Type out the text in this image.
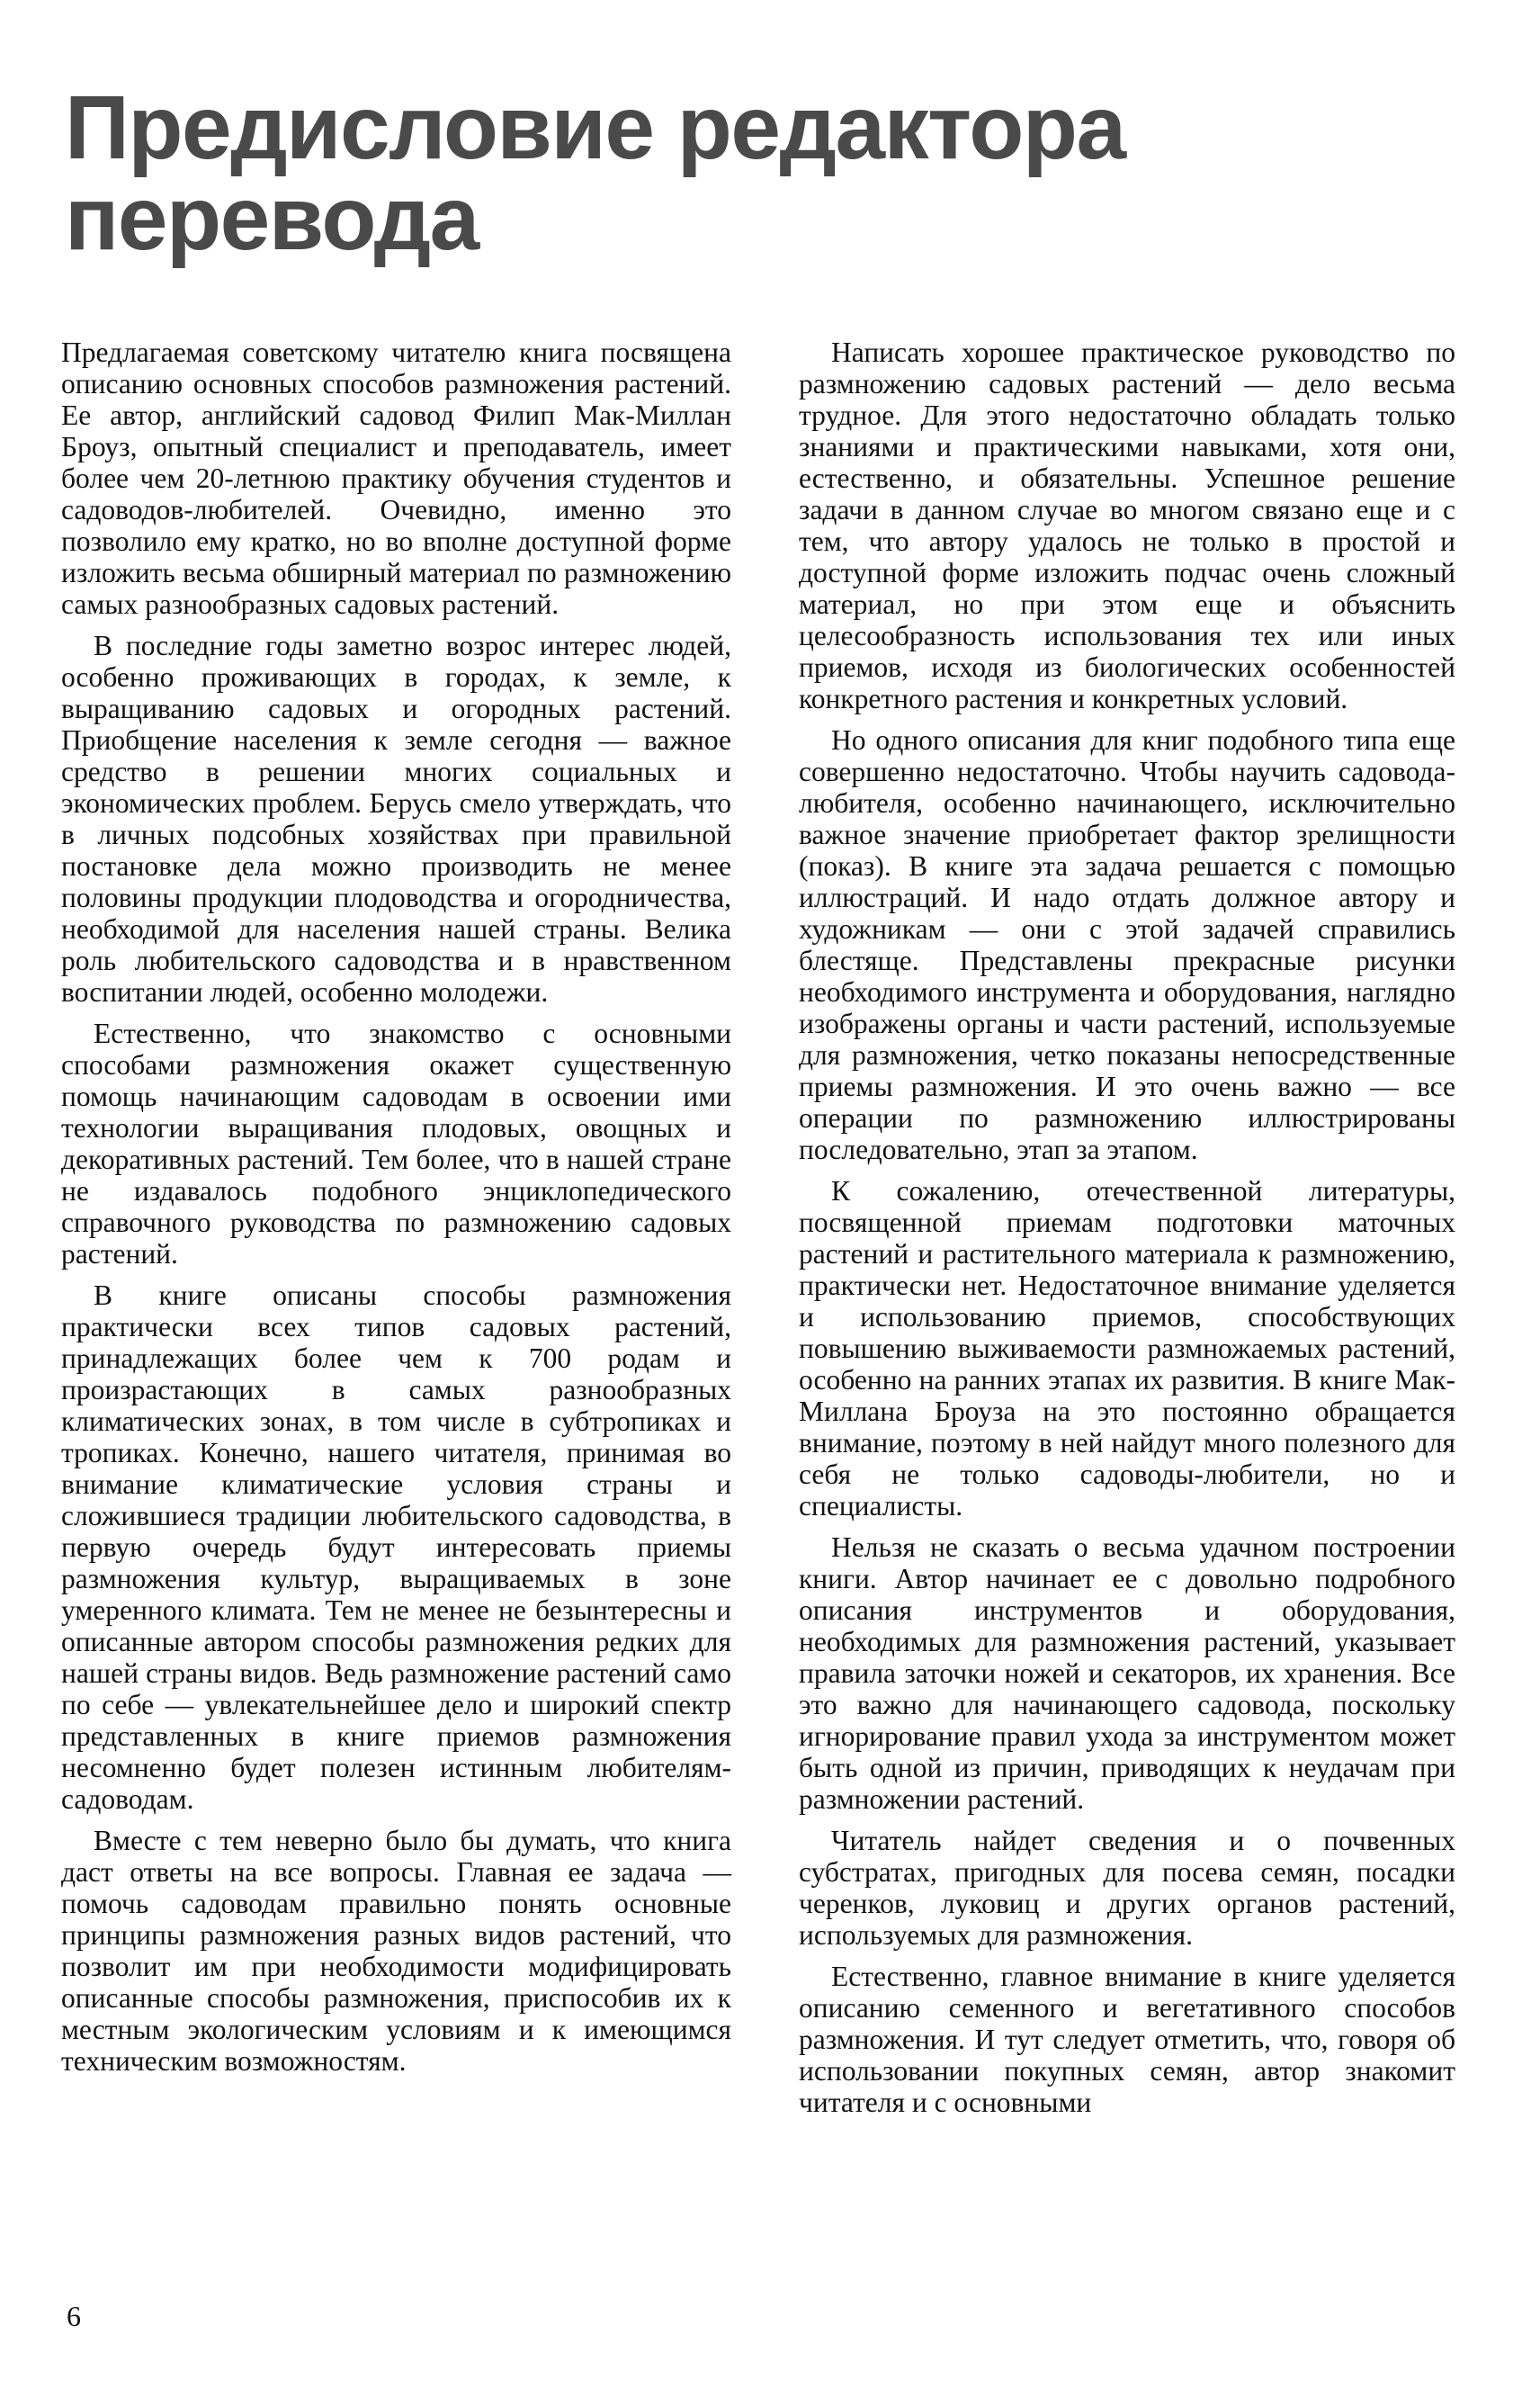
Предисловие редактора
перевода

Предлагаемая советскому читателю книга посвящена описанию основных способов размножения растений. Ее автор, английский садовод Филип Мак-Миллан Броуз, опытный специалист и преподаватель, имеет более чем 20-летнюю практику обучения студентов и садоводов-любителей. Очевидно, именно это позволило ему кратко, но во вполне доступной форме изложить весьма обширный материал по размножению самых разнообразных садовых растений.

В последние годы заметно возрос интерес людей, особенно проживающих в городах, к земле, к выращиванию садовых и огородных растений. Приобщение населения к земле сегодня — важное средство в решении многих социальных и экономических проблем. Берусь смело утверждать, что в личных подсобных хозяйствах при правильной постановке дела можно производить не менее половины продукции плодоводства и огородничества, необходимой для населения нашей страны. Велика роль любительского садоводства и в нравственном воспитании людей, особенно молодежи.

Естественно, что знакомство с основными способами размножения окажет существенную помощь начинающим садоводам в освоении ими технологии выращивания плодовых, овощных и декоративных растений. Тем более, что в нашей стране не издавалось подобного энциклопедического справочного руководства по размножению садовых растений.

В книге описаны способы размножения практически всех типов садовых растений, принадлежащих более чем к 700 родам и произрастающих в самых разнообразных климатических зонах, в том числе в субтропиках и тропиках. Конечно, нашего читателя, принимая во внимание климатические условия страны и сложившиеся традиции любительского садоводства, в первую очередь будут интересовать приемы размножения культур, выращиваемых в зоне умеренного климата. Тем не менее не безынтересны и описанные автором способы размножения редких для нашей страны видов. Ведь размножение растений само по себе — увлекательнейшее дело и широкий спектр представленных в книге приемов размножения несомненно будет полезен истинным любителям-садоводам.

Вместе с тем неверно было бы думать, что книга даст ответы на все вопросы. Главная ее задача — помочь садоводам правильно понять основные принципы размножения разных видов растений, что позволит им при необходимости модифицировать описанные способы размножения, приспособив их к местным экологическим условиям и к имеющимся техническим возможностям.

Написать хорошее практическое руководство по размножению садовых растений — дело весьма трудное. Для этого недостаточно обладать только знаниями и практическими навыками, хотя они, естественно, и обязательны. Успешное решение задачи в данном случае во многом связано еще и с тем, что автору удалось не только в простой и доступной форме изложить подчас очень сложный материал, но при этом еще и объяснить целесообразность использования тех или иных приемов, исходя из биологических особенностей конкретного растения и конкретных условий.

Но одного описания для книг подобного типа еще совершенно недостаточно. Чтобы научить садовода-любителя, особенно начинающего, исключительно важное значение приобретает фактор зрелищности (показ). В книге эта задача решается с помощью иллюстраций. И надо отдать должное автору и художникам — они с этой задачей справились блестяще. Представлены прекрасные рисунки необходимого инструмента и оборудования, наглядно изображены органы и части растений, используемые для размножения, четко показаны непосредственные приемы размножения. И это очень важно — все операции по размножению иллюстрированы последовательно, этап за этапом.

К сожалению, отечественной литературы, посвященной приемам подготовки маточных растений и растительного материала к размножению, практически нет. Недостаточное внимание уделяется и использованию приемов, способствующих повышению выживаемости размножаемых растений, особенно на ранних этапах их развития. В книге Мак-Миллана Броуза на это постоянно обращается внимание, поэтому в ней найдут много полезного для себя не только садоводы-любители, но и специалисты.

Нельзя не сказать о весьма удачном построении книги. Автор начинает ее с довольно подробного описания инструментов и оборудования, необходимых для размножения растений, указывает правила заточки ножей и секаторов, их хранения. Все это важно для начинающего садовода, поскольку игнорирование правил ухода за инструментом может быть одной из причин, приводящих к неудачам при размножении растений.

Читатель найдет сведения и о почвенных субстратах, пригодных для посева семян, посадки черенков, луковиц и других органов растений, используемых для размножения.

Естественно, главное внимание в книге уделяется описанию семенного и вегетативного способов размножения. И тут следует отметить, что, говоря об использовании покупных семян, автор знакомит читателя и с основными

6
